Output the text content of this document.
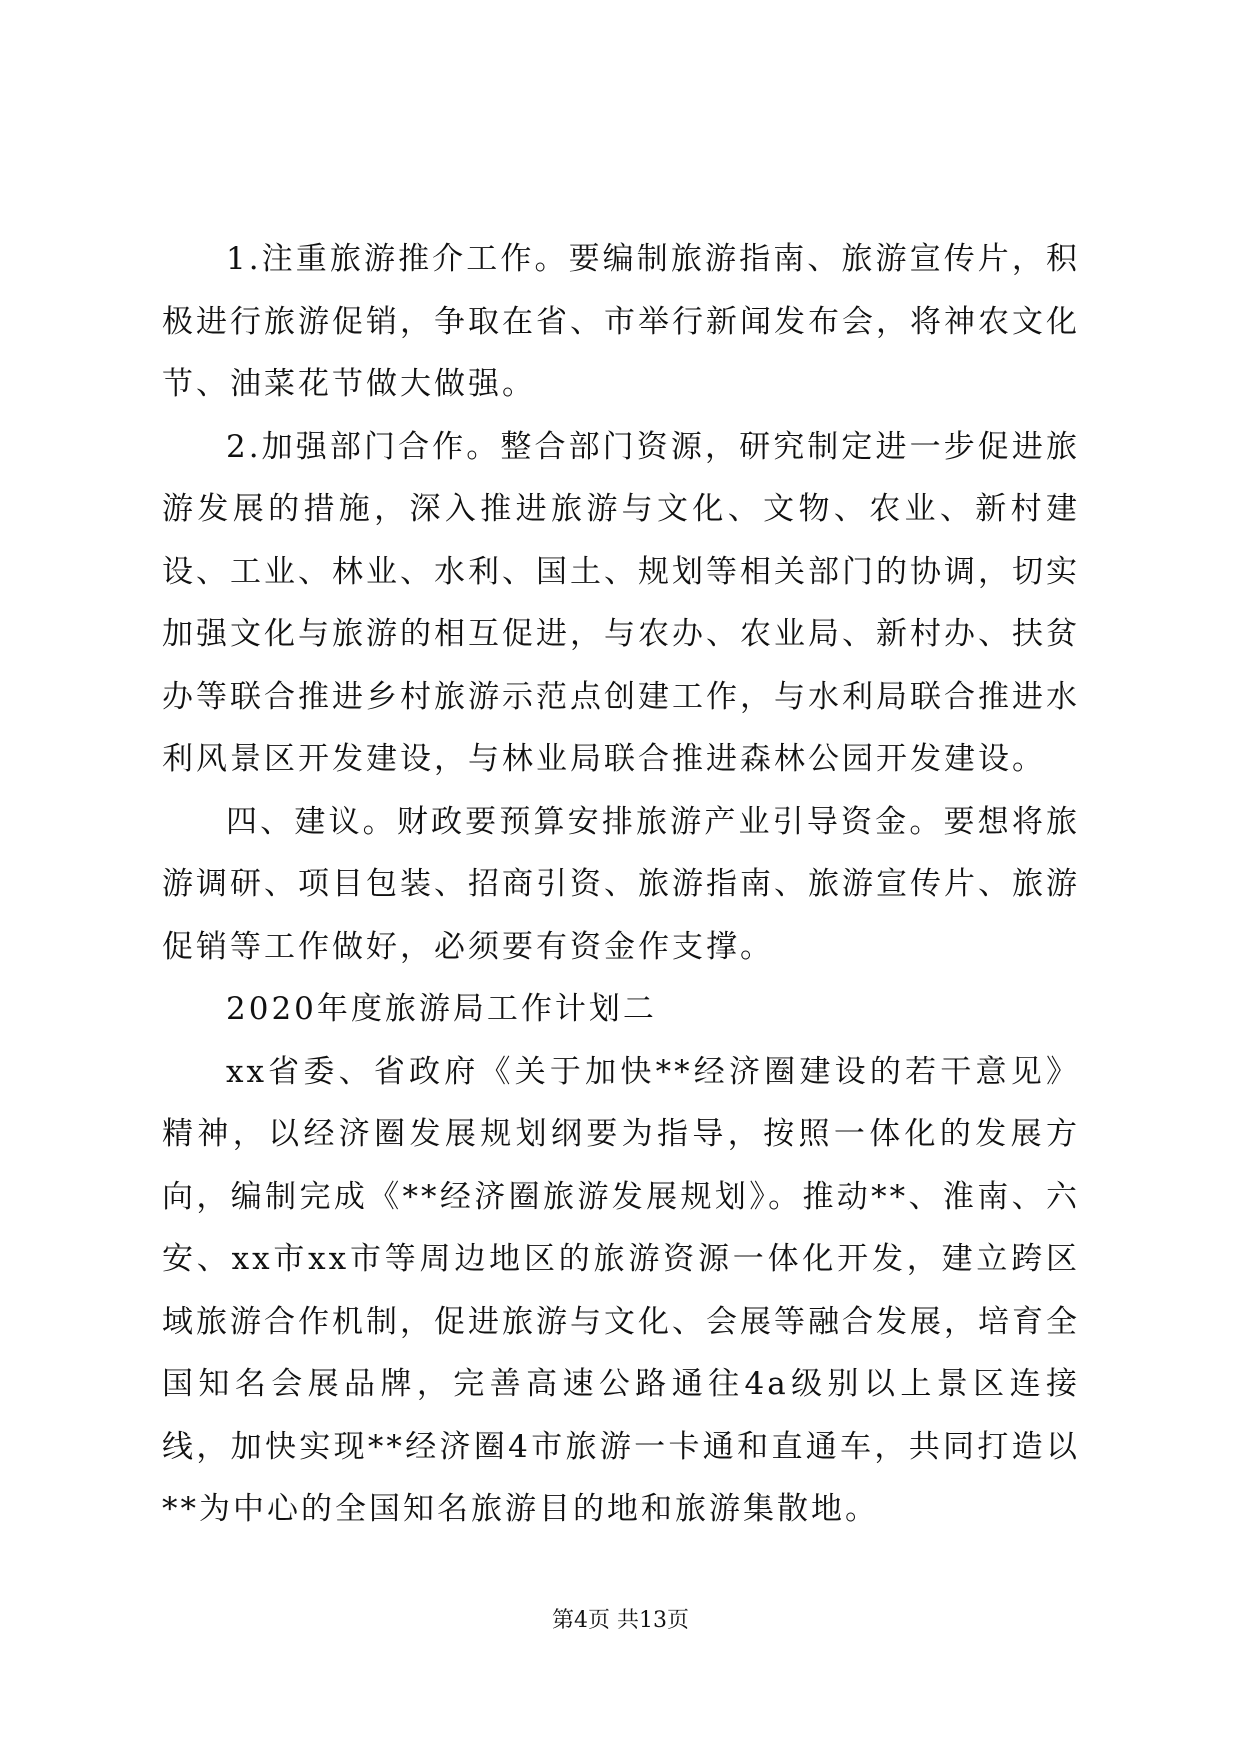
1.注重旅游推介工作。要编制旅游指南、旅游宣传片，积极进行旅游促销，争取在省、市举行新闻发布会，将神农文化节、油菜花节做大做强。

2.加强部门合作。整合部门资源，研究制定进一步促进旅游发展的措施，深入推进旅游与文化、文物、农业、新村建设、工业、林业、水利、国土、规划等相关部门的协调，切实加强文化与旅游的相互促进，与农办、农业局、新村办、扶贫办等联合推进乡村旅游示范点创建工作，与水利局联合推进水利风景区开发建设，与林业局联合推进森林公园开发建设。

四、建议。财政要预算安排旅游产业引导资金。要想将旅游调研、项目包装、招商引资、旅游指南、旅游宣传片、旅游促销等工作做好，必须要有资金作支撑。

2020年度旅游局工作计划二

xx省委、省政府《关于加快**经济圈建设的若干意见》精神，以经济圈发展规划纲要为指导，按照一体化的发展方向，编制完成《**经济圈旅游发展规划》。推动**、淮南、六安、xx市xx市等周边地区的旅游资源一体化开发，建立跨区域旅游合作机制，促进旅游与文化、会展等融合发展，培育全国知名会展品牌，完善高速公路通往4a级别以上景区连接线，加快实现**经济圈4市旅游一卡通和直通车，共同打造以**为中心的全国知名旅游目的地和旅游集散地。

第4页 共13页
